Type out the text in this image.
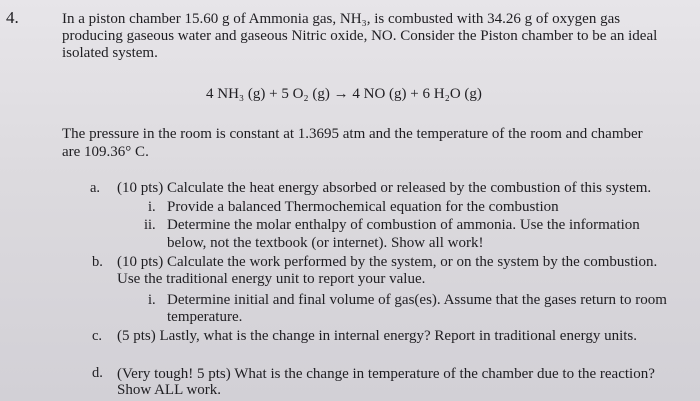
4.	In a piston chamber 15.60 g of Ammonia gas, NH₃, is combusted with 34.26 g of oxygen gas
producing gaseous water and gaseous Nitric oxide, NO. Consider the Piston chamber to be an ideal
isolated system.
4 NH₃ (g) + 5 O₂ (g) → 4 NO (g) + 6 H₂O (g)
The pressure in the room is constant at 1.3695 atm and the temperature of the room and chamber
are 109.36° C.
a. (10 pts) Calculate the heat energy absorbed or released by the combustion of this system.
i. Provide a balanced Thermochemical equation for the combustion
ii. Determine the molar enthalpy of combustion of ammonia. Use the information
below, not the textbook (or internet). Show all work!
b. (10 pts) Calculate the work performed by the system, or on the system by the combustion.
Use the traditional energy unit to report your value.
i. Determine initial and final volume of gas(es). Assume that the gases return to room
temperature.
c. (5 pts) Lastly, what is the change in internal energy? Report in traditional energy units.
d. (Very tough! 5 pts) What is the change in temperature of the chamber due to the reaction?
Show ALL work.
